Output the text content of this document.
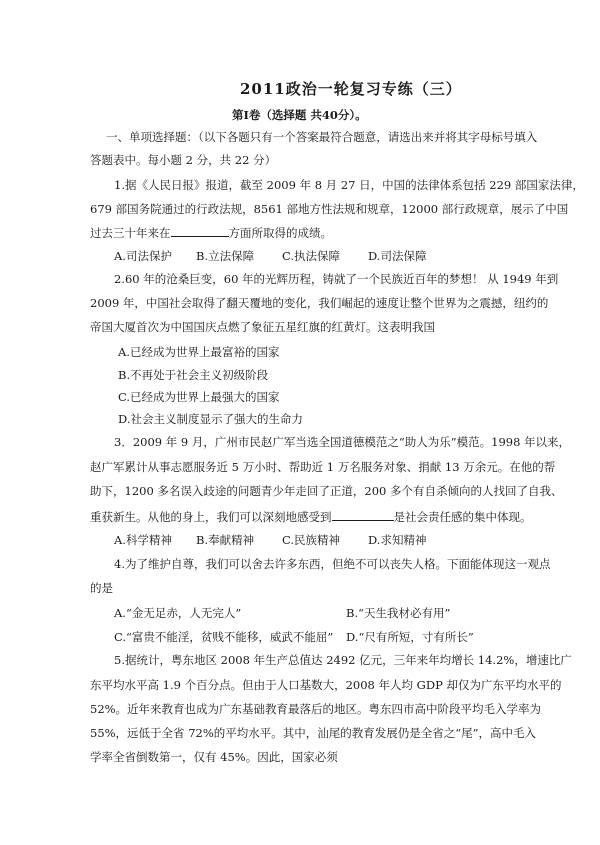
2011政治一轮复习专练（三）
第Ⅰ卷（选择题 共40分）。
一、单项选择题：（以下各题只有一个答案最符合题意，请选出来并将其字母标号填入
答题表中。每小题 2 分，共 22 分）
1.据《人民日报》报道，截至 2009 年 8 月 27 日，中国的法律体系包括 229 部国家法律，
679 部国务院通过的行政法规，8561 部地方性法规和规章，12000 部行政规章，展示了中国
过去三十年来在	方面所取得的成绩。
A.司法保护 B.立法保障 C.执法保障 D.司法保障
2.60 年的沧桑巨变，60 年的光辉历程，铸就了一个民族近百年的梦想！ 从 1949 年到
2009 年，中国社会取得了翻天覆地的变化，我们崛起的速度让整个世界为之震撼，纽约的
帝国大厦首次为中国国庆点燃了象征五星红旗的红黄灯。这表明我国
A.已经成为世界上最富裕的国家
B.不再处于社会主义初级阶段
C.已经成为世界上最强大的国家
D.社会主义制度显示了强大的生命力
3．2009 年 9 月，广州市民赵广军当选全国道德模范之“助人为乐”模范。1998 年以来，
赵广军累计从事志愿服务近 5 万小时、帮助近 1 万名服务对象、捐献 13 万余元。在他的帮
助下，1200 多名误入歧途的问题青少年走回了正道，200 多个有自杀倾向的人找回了自我、
重获新生。从他的身上，我们可以深刻地感受到	是社会责任感的集中体现。
A.科学精神 B.奉献精神 C.民族精神 D.求知精神
4.为了维护自尊，我们可以舍去许多东西，但绝不可以丧失人格。下面能体现这一观点
的是
A.“金无足赤，人无完人”	B.“天生我材必有用”
C.“富贵不能淫，贫贱不能移，威武不能屈” D.“尺有所短，寸有所长”
5.据统计，粤东地区 2008 年生产总值达 2492 亿元，三年来年均增长 14.2%，增速比广
东平均水平高 1.9 个百分点。但由于人口基数大，2008 年人均 GDP 却仅为广东平均水平的
52%。近年来教育也成为广东基础教育最落后的地区。粤东四市高中阶段平均毛入学率为
55%，远低于全省 72%的平均水平。其中，汕尾的教育发展仍是全省之“尾”，高中毛入
学率全省倒数第一，仅有 45%。因此，国家必须
